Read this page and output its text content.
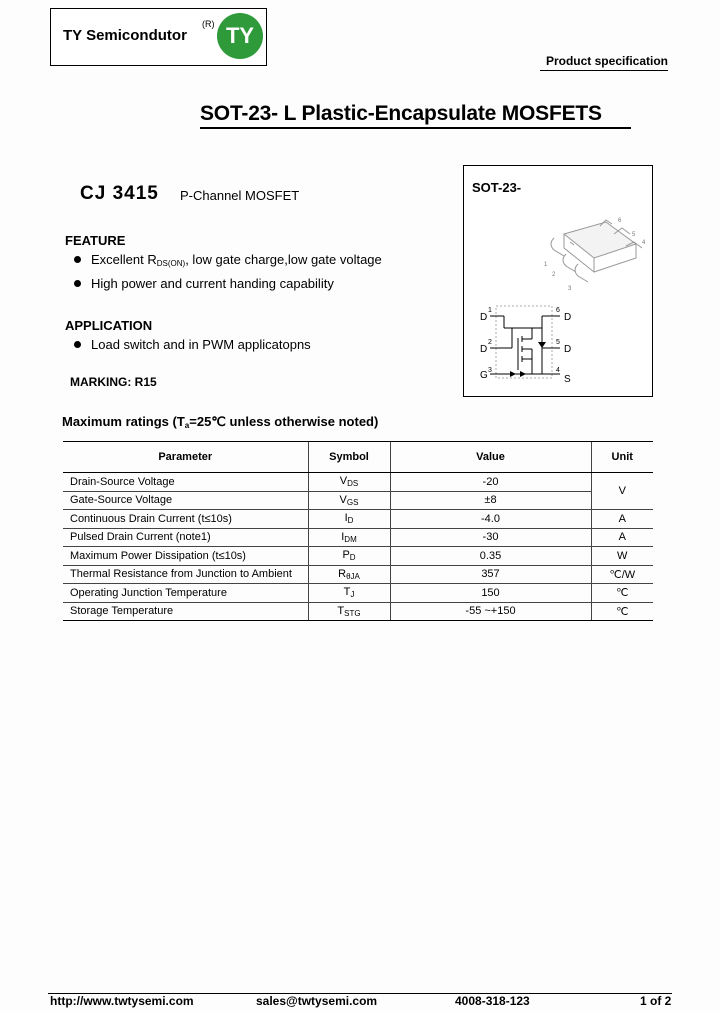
TY Semicondutor
(R) TY
Product specification
SOT-23- L Plastic-Encapsulate MOSFETS
CJ 3415 P-Channel MOSFET
FEATURE
Excellent $R_{DS(ON)}$, low gate charge,low gate voltage
High power and current handing capability
APPLICATION
Load switch and in PWM applicatopns
MARKING: R15
SOT-23-
1
2
3
4
5
6
D
D
G
D
D
S
1
2
3
6
5
4
Maximum ratings ($T_a=25℃$ unless otherwise noted)
Parameter	Symbol	Value	Unit
Drain-Source Voltage	$V_{DS}$	-20	V
Gate-Source Voltage	$V_{GS}$	±8	
Continuous Drain Current (t≤10s)	$I_D$	-4.0	A
Pulsed Drain Current (note1)	$I_{DM}$	-30	A
Maximum Power Dissipation (t≤10s)	$P_D$	0.35	W
Thermal Resistance from Junction to Ambient	$R_{\theta JA}$	357	℃/W
Operating Junction Temperature	$T_J$	150	℃
Storage Temperature	$T_{STG}$	-55 ~+150	℃
http://www.twtysemi.com	sales@twtysemi.com	4008-318-123	1 of 2
